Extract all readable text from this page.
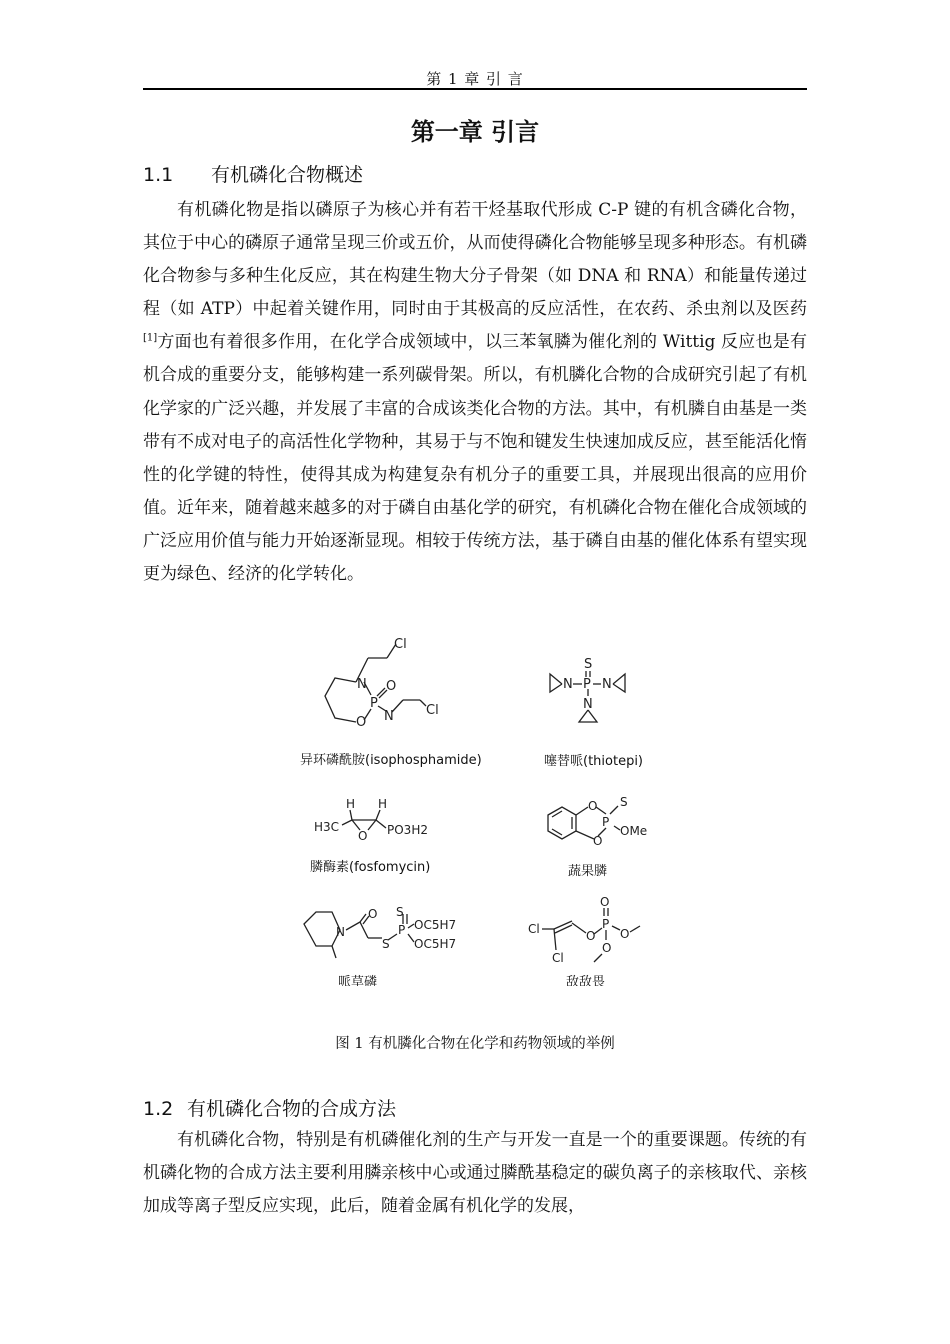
第 1 章 引 言
第一章 引言
1.1 有机磷化合物概述

有机磷化物是指以磷原子为核心并有若干烃基取代形成 C-P 键的有机含磷化合物，其位于中心的磷原子通常呈现三价或五价，从而使得磷化合物能够呈现多种形态。有机磷化合物参与多种生化反应，其在构建生物大分子骨架（如 DNA 和 RNA）和能量传递过程（如 ATP）中起着关键作用，同时由于其极高的反应活性，在农药、杀虫剂以及医药[1]方面也有着很多作用，在化学合成领域中，以三苯氧膦为催化剂的 Wittig 反应也是有机合成的重要分支，能够构建一系列碳骨架。所以，有机膦化合物的合成研究引起了有机化学家的广泛兴趣，并发展了丰富的合成该类化合物的方法。其中，有机膦自由基是一类带有不成对电子的高活性化学物种，其易于与不饱和键发生快速加成反应，甚至能活化惰性的化学键的特性，使得其成为构建复杂有机分子的重要工具，并展现出很高的应用价值。近年来，随着越来越多的对于磷自由基化学的研究，有机磷化合物在催化合成领域的广泛应用价值与能力开始逐渐显现。相较于传统方法，基于磷自由基的催化体系有望实现更为绿色、经济的化学转化。

Cl
N
P
O
O N Cl
异环磷酰胺(isophosphamide)
S
P
N N
N
噻替哌(thiotepi)
H H
H3C
O PO3H2
膦酶素(fosfomycin)
O
P
O
S
OMe
蔬果膦
N
O
S
S
P OC5H7
OC5H7
哌草磷
Cl
Cl
O
P
O
O
O
敌敌畏
图 1 有机膦化合物在化学和药物领域的举例
1.2 有机磷化合物的合成方法

有机磷化合物，特别是有机磷催化剂的生产与开发一直是一个的重要课题。传统的有机磷化物的合成方法主要利用膦亲核中心或通过膦酰基稳定的碳负离子的亲核取代、亲核加成等离子型反应实现，此后，随着金属有机化学的发展，
